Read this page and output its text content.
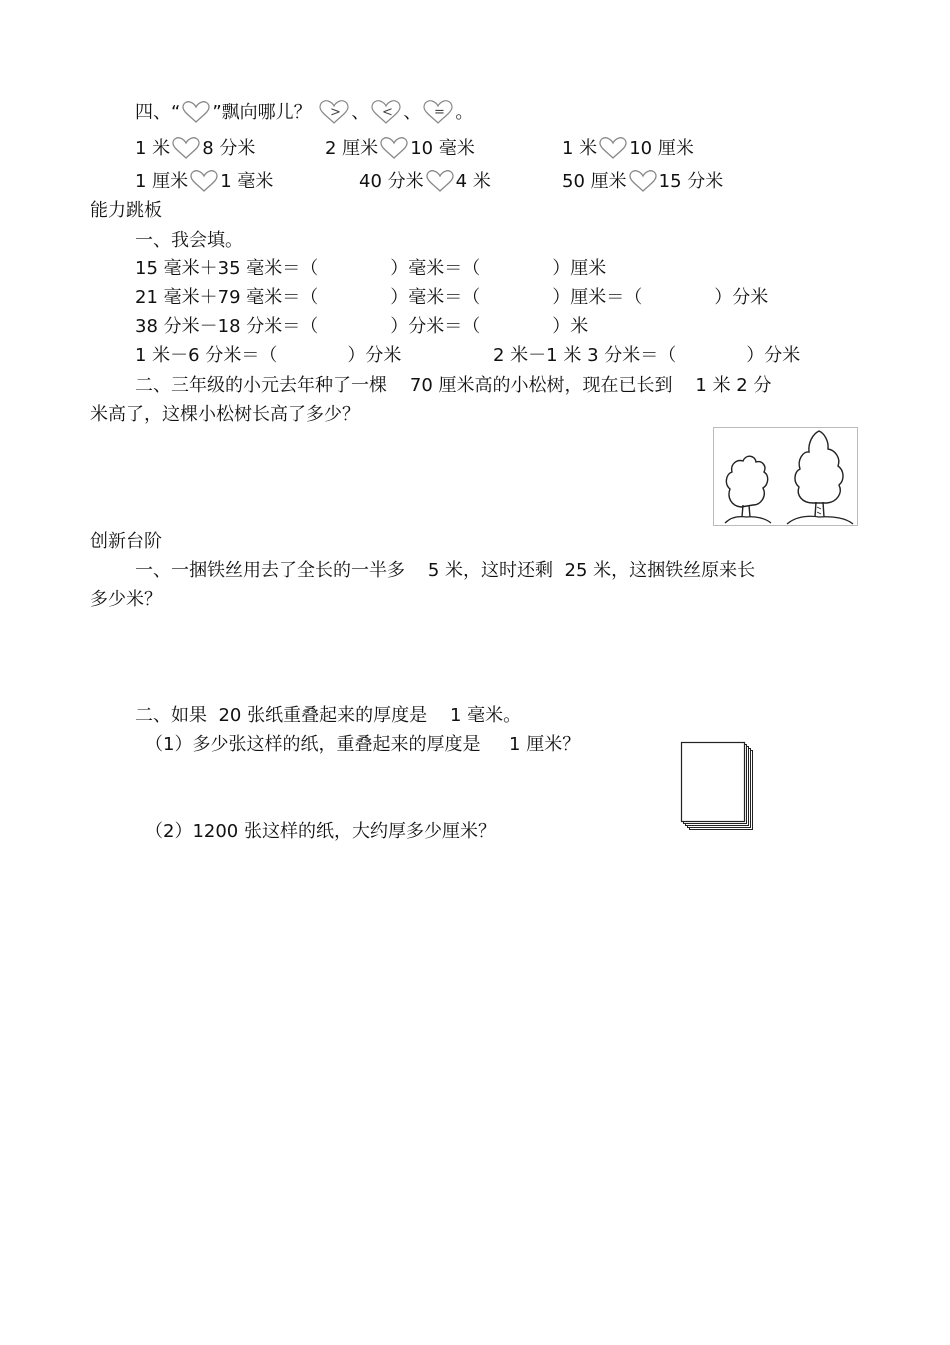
四、“ ”飘向哪儿？ > 、 < 、 = 。
1 米 8 分米	2 厘米 10 毫米	1 米 10 厘米
1 厘米 1 毫米	40 分米 4 米	50 厘米 15 分米
能力跳板
一、我会填。
15 毫米＋35 毫米＝（	）毫米＝（	）厘米
21 毫米＋79 毫米＝（	）毫米＝（	）厘米＝（	）分米
38 分米－18 分米＝（	）分米＝（	）米
1 米－6 分米＝（	）分米	2 米－1 米 3 分米＝（	）分米
二、三年级的小元去年种了一棵    70 厘米高的小松树，现在已长到    1 米 2 分
米高了，这棵小松树长高了多少？
创新台阶
一、一捆铁丝用去了全长的一半多    5 米，这时还剩  25 米，这捆铁丝原来长
多少米？
二、如果  20 张纸重叠起来的厚度是    1 毫米。
（1）多少张这样的纸，重叠起来的厚度是     1 厘米？
（2）1200 张这样的纸，大约厚多少厘米？
